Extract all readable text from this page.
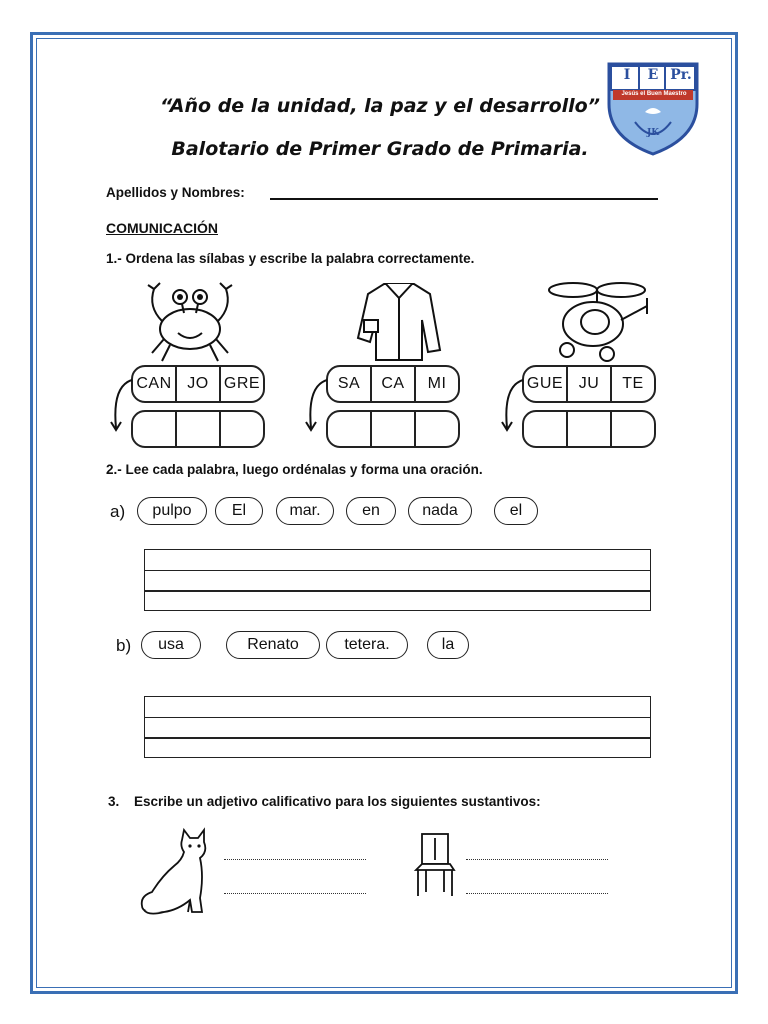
“Año de la unidad, la paz y el desarrollo”
Balotario de Primer Grado de Primaria.
I	E Pr.
Jesús el Buen Maestro
JK
Apellidos y Nombres:
COMUNICACIÓN
1.- Ordena las sílabas y escribe la palabra correctamente.
CAN JO GRE	SA	CA	MI	GUE JU	TE
2.- Lee cada palabra, luego ordénalas y forma una oración.
a)	pulpo	El	mar.	en	nada	el
b)	usa	Renato	tetera.	la
3. Escribe un adjetivo calificativo para los siguientes sustantivos:
